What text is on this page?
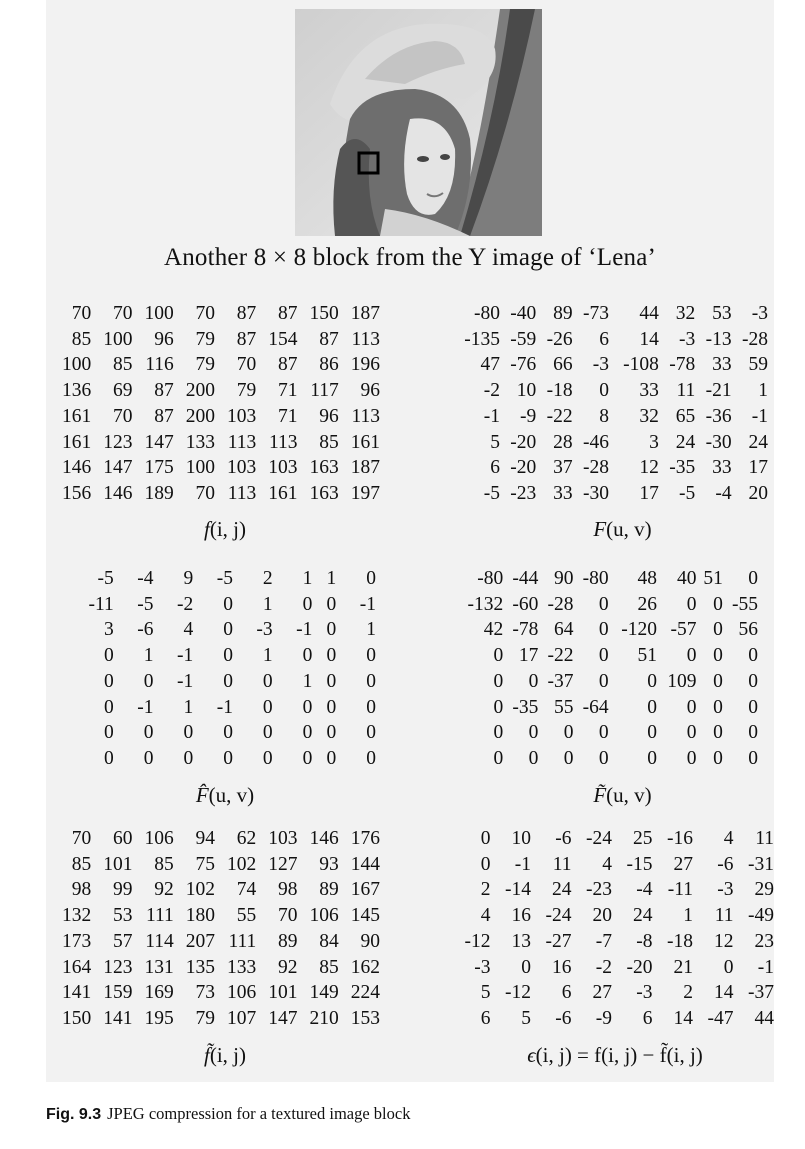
Another 8 × 8 block from the Y image of ‘Lena’
70	70	100	70	87	87	150	187
85	100	96	79	87	154	87	113
100	85	116	79	70	87	86	196
136	69	87	200	79	71	117	96
161	70	87	200	103	71	96	113
161	123	147	133	113	113	85	161
146	147	175	100	103	103	163	187
156	146	189	70	113	161	163	197
f(i, j)
-80	-40	89	-73	44	32	53	-3
-135	-59	-26	6	14	-3	-13	-28
47	-76	66	-3	-108	-78	33	59
-2	10	-18	0	33	11	-21	1
-1	-9	-22	8	32	65	-36	-1
5	-20	28	-46	3	24	-30	24
6	-20	37	-28	12	-35	33	17
-5	-23	33	-30	17	-5	-4	20
F(u, v)
-5	-4	9	-5	2	1	1	0
-11	-5	-2	0	1	0	0	-1
3	-6	4	0	-3	-1	0	1
0	1	-1	0	1	0	0	0
0	0	-1	0	0	1	0	0
0	-1	1	-1	0	0	0	0
0	0	0	0	0	0	0	0
0	0	0	0	0	0	0	0
F̂(u, v)
-80	-44	90	-80	48	40	51	0
-132	-60	-28	0	26	0	0	-55
42	-78	64	0	-120	-57	0	56
0	17	-22	0	51	0	0	0
0	0	-37	0	0	109	0	0
0	-35	55	-64	0	0	0	0
0	0	0	0	0	0	0	0
0	0	0	0	0	0	0	0
F̃(u, v)
70	60	106	94	62	103	146	176
85	101	85	75	102	127	93	144
98	99	92	102	74	98	89	167
132	53	111	180	55	70	106	145
173	57	114	207	111	89	84	90
164	123	131	135	133	92	85	162
141	159	169	73	106	101	149	224
150	141	195	79	107	147	210	153
f̃(i, j)
0	10	-6	-24	25	-16	4	11
0	-1	11	4	-15	27	-6	-31
2	-14	24	-23	-4	-11	-3	29
4	16	-24	20	24	1	11	-49
-12	13	-27	-7	-8	-18	12	23
-3	0	16	-2	-20	21	0	-1
5	-12	6	27	-3	2	14	-37
6	5	-6	-9	6	14	-47	44
ϵ(i, j) = f(i, j) − f̃(i, j)
Fig. 9.3 JPEG compression for a textured image block
